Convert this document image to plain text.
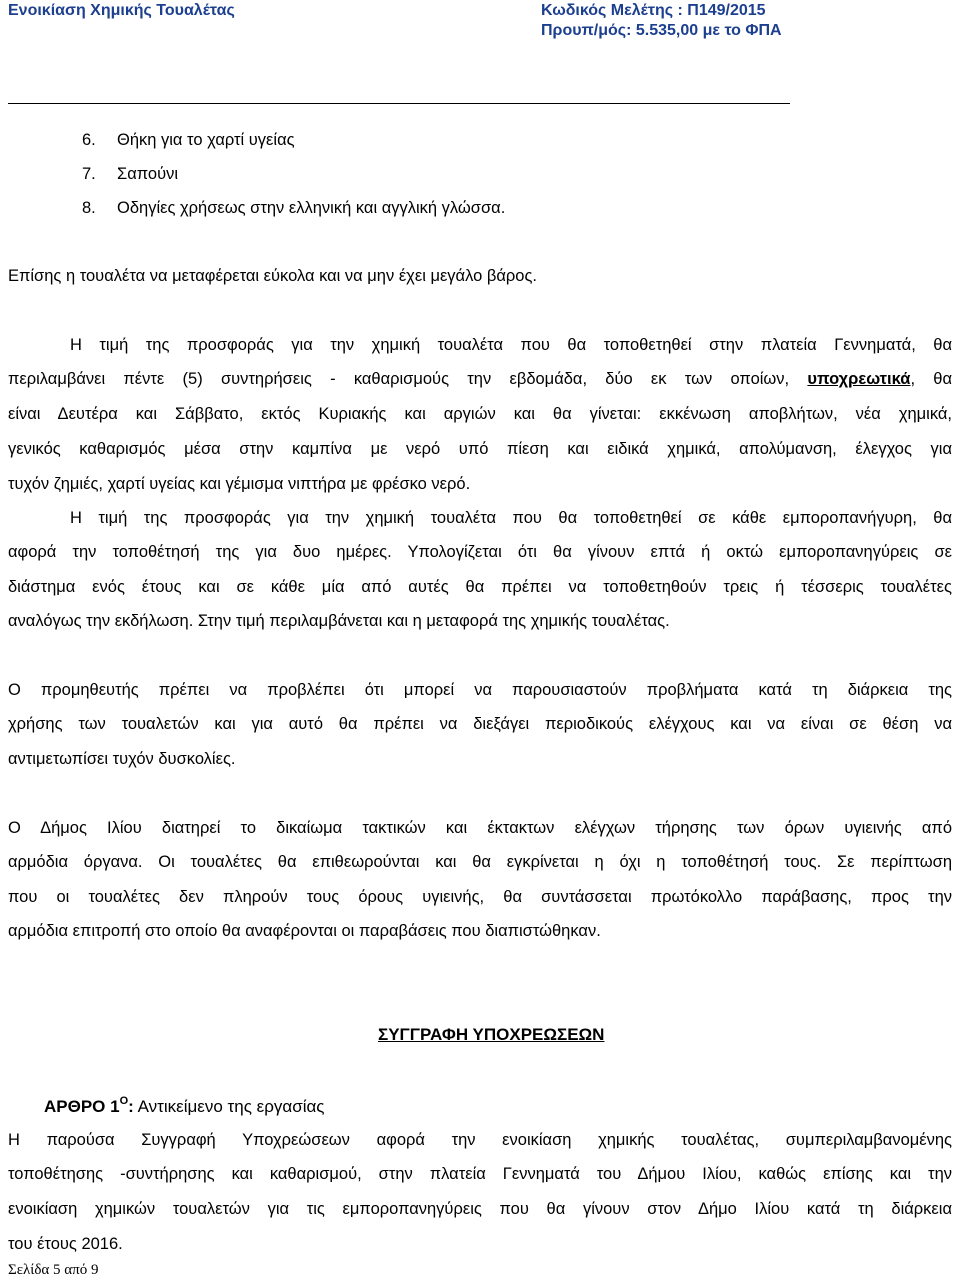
Ενοικίαση Χημικής Τουαλέτας	Κωδικός Μελέτης : Π149/2015
Προυπ/μός: 5.535,00 με το ΦΠΑ
6. Θήκη για το χαρτί υγείας
7. Σαπούνι
8. Οδηγίες χρήσεως στην ελληνική και αγγλική γλώσσα.
Επίσης η τουαλέτα να μεταφέρεται εύκολα και να μην έχει μεγάλο βάρος.
Η τιμή της προσφοράς για την χημική τουαλέτα που θα τοποθετηθεί στην πλατεία Γεννηματά, θα
περιλαμβάνει πέντε (5) συντηρήσεις - καθαρισμούς την εβδομάδα, δύο εκ των οποίων, υποχρεωτικά, θα
είναι Δευτέρα και Σάββατο, εκτός Κυριακής και αργιών και θα γίνεται: εκκένωση αποβλήτων, νέα χημικά,
γενικός καθαρισμός μέσα στην καμπίνα με νερό υπό πίεση και ειδικά χημικά, απολύμανση, έλεγχος για
τυχόν ζημιές, χαρτί υγείας και γέμισμα νιπτήρα με φρέσκο νερό.
Η τιμή της προσφοράς για την χημική τουαλέτα που θα τοποθετηθεί σε κάθε εμποροπανήγυρη, θα
αφορά την τοποθέτησή της για δυο ημέρες. Υπολογίζεται ότι θα γίνουν επτά ή οκτώ εμποροπανηγύρεις σε
διάστημα ενός έτους και σε κάθε μία από αυτές θα πρέπει να τοποθετηθούν τρεις ή τέσσερις τουαλέτες
αναλόγως την εκδήλωση. Στην τιμή περιλαμβάνεται και η μεταφορά της χημικής τουαλέτας.
Ο προμηθευτής πρέπει να προβλέπει ότι μπορεί να παρουσιαστούν προβλήματα κατά τη διάρκεια της
χρήσης των τουαλετών και για αυτό θα πρέπει να διεξάγει περιοδικούς ελέγχους και να είναι σε θέση να
αντιμετωπίσει τυχόν δυσκολίες.
Ο Δήμος Ιλίου διατηρεί το δικαίωμα τακτικών και έκτακτων ελέγχων τήρησης των όρων υγιεινής από
αρμόδια όργανα. Οι τουαλέτες θα επιθεωρούνται και θα εγκρίνεται η όχι η τοποθέτησή τους. Σε περίπτωση
που οι τουαλέτες δεν πληρούν τους όρους υγιεινής, θα συντάσσεται πρωτόκολλο παράβασης, προς την
αρμόδια επιτροπή στο οποίο θα αναφέρονται οι παραβάσεις που διαπιστώθηκαν.
ΣΥΓΓΡΑΦΗ ΥΠΟΧΡΕΩΣΕΩΝ
ΑΡΘΡΟ $1^O$: Αντικείμενο της εργασίας
Η παρούσα Συγγραφή Υποχρεώσεων αφορά την ενοικίαση χημικής τουαλέτας, συμπεριλαμβανομένης
τοποθέτησης -συντήρησης και καθαρισμού, στην πλατεία Γεννηματά του Δήμου Ιλίου, καθώς επίσης και την
ενοικίαση χημικών τουαλετών για τις εμποροπανηγύρεις που θα γίνουν στον Δήμο Ιλίου κατά τη διάρκεια
του έτους 2016.
Σελίδα 5 από 9
